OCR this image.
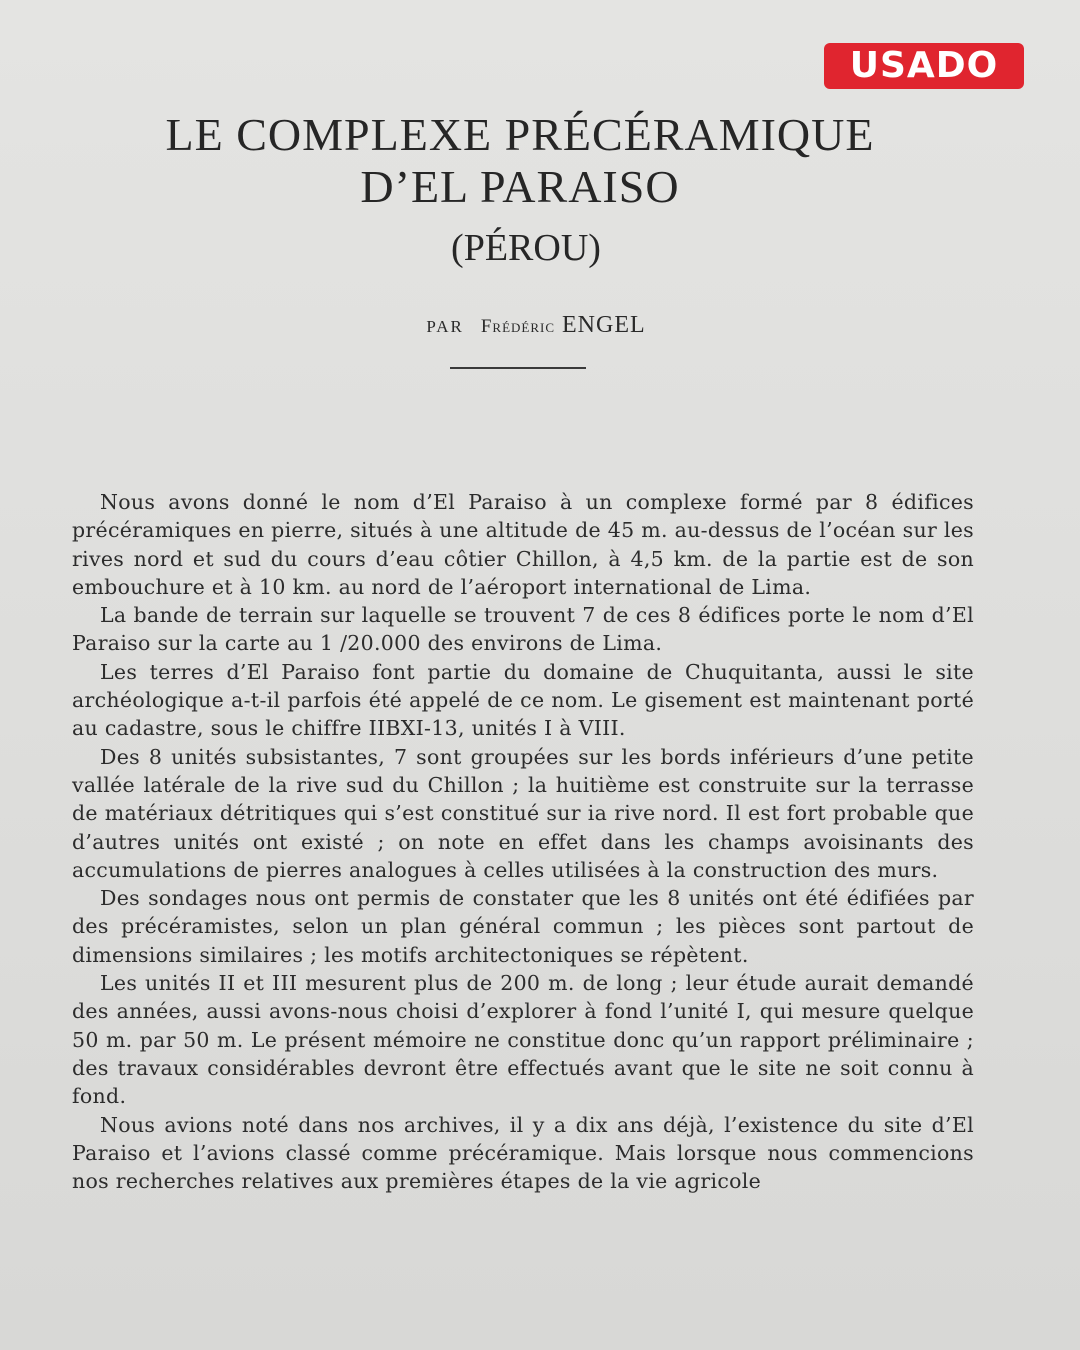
USADO
LE COMPLEXE PRÉCÉRAMIQUE
D’EL PARAISO
(PÉROU)
PAR Frédéric ENGEL

Nous avons donné le nom d’El Paraiso à un complexe formé par 8 édifices précéramiques en pierre, situés à une altitude de 45 m. au-dessus de l’océan sur les rives nord et sud du cours d’eau côtier Chillon, à 4,5 km. de la partie est de son embouchure et à 10 km. au nord de l’aéroport international de Lima.

La bande de terrain sur laquelle se trouvent 7 de ces 8 édifices porte le nom d’El Paraiso sur la carte au 1 /20.000 des environs de Lima.

Les terres d’El Paraiso font partie du domaine de Chuquitanta, aussi le site archéologique a-t-il parfois été appelé de ce nom. Le gisement est maintenant porté au cadastre, sous le chiffre IIBXI-13, unités I à VIII.

Des 8 unités subsistantes, 7 sont groupées sur les bords inférieurs d’une petite vallée latérale de la rive sud du Chillon ; la huitième est construite sur la terrasse de matériaux détritiques qui s’est constitué sur ia rive nord. Il est fort probable que d’autres unités ont existé ; on note en effet dans les champs avoisinants des accumulations de pierres analogues à celles utilisées à la construction des murs.

Des sondages nous ont permis de constater que les 8 unités ont été édifiées par des précéramistes, selon un plan général commun ; les pièces sont partout de dimensions similaires ; les motifs architectoniques se répètent.

Les unités II et III mesurent plus de 200 m. de long ; leur étude aurait demandé des années, aussi avons-nous choisi d’explorer à fond l’unité I, qui mesure quelque 50 m. par 50 m. Le présent mémoire ne constitue donc qu’un rapport préliminaire ; des travaux considérables devront être effectués avant que le site ne soit connu à fond.

Nous avions noté dans nos archives, il y a dix ans déjà, l’existence du site d’El Paraiso et l’avions classé comme précéramique. Mais lorsque nous commencions nos recherches relatives aux premières étapes de la vie agricole
